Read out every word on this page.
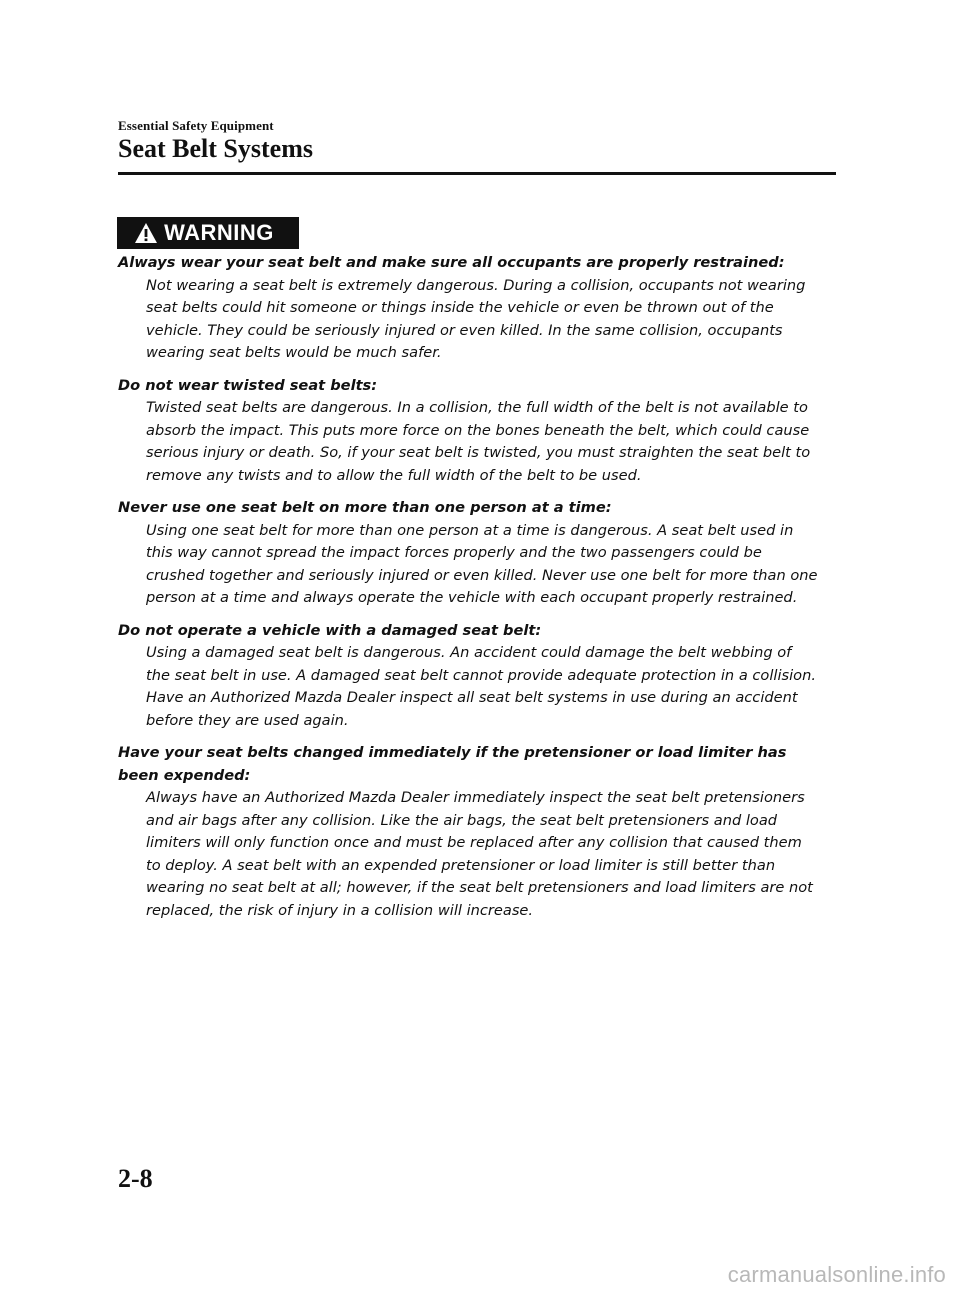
Essential Safety Equipment
Seat Belt Systems
WARNING
Always wear your seat belt and make sure all occupants are properly restrained:
Not wearing a seat belt is extremely dangerous. During a collision, occupants not wearing seat belts could hit someone or things inside the vehicle or even be thrown out of the vehicle. They could be seriously injured or even killed. In the same collision, occupants wearing seat belts would be much safer.
Do not wear twisted seat belts:
Twisted seat belts are dangerous. In a collision, the full width of the belt is not available to absorb the impact. This puts more force on the bones beneath the belt, which could cause serious injury or death. So, if your seat belt is twisted, you must straighten the seat belt to remove any twists and to allow the full width of the belt to be used.
Never use one seat belt on more than one person at a time:
Using one seat belt for more than one person at a time is dangerous. A seat belt used in this way cannot spread the impact forces properly and the two passengers could be crushed together and seriously injured or even killed. Never use one belt for more than one person at a time and always operate the vehicle with each occupant properly restrained.
Do not operate a vehicle with a damaged seat belt:
Using a damaged seat belt is dangerous. An accident could damage the belt webbing of the seat belt in use. A damaged seat belt cannot provide adequate protection in a collision. Have an Authorized Mazda Dealer inspect all seat belt systems in use during an accident before they are used again.
Have your seat belts changed immediately if the pretensioner or load limiter has been expended:
Always have an Authorized Mazda Dealer immediately inspect the seat belt pretensioners and air bags after any collision. Like the air bags, the seat belt pretensioners and load limiters will only function once and must be replaced after any collision that caused them to deploy. A seat belt with an expended pretensioner or load limiter is still better than wearing no seat belt at all; however, if the seat belt pretensioners and load limiters are not replaced, the risk of injury in a collision will increase.
2-8
carmanualsonline.info
